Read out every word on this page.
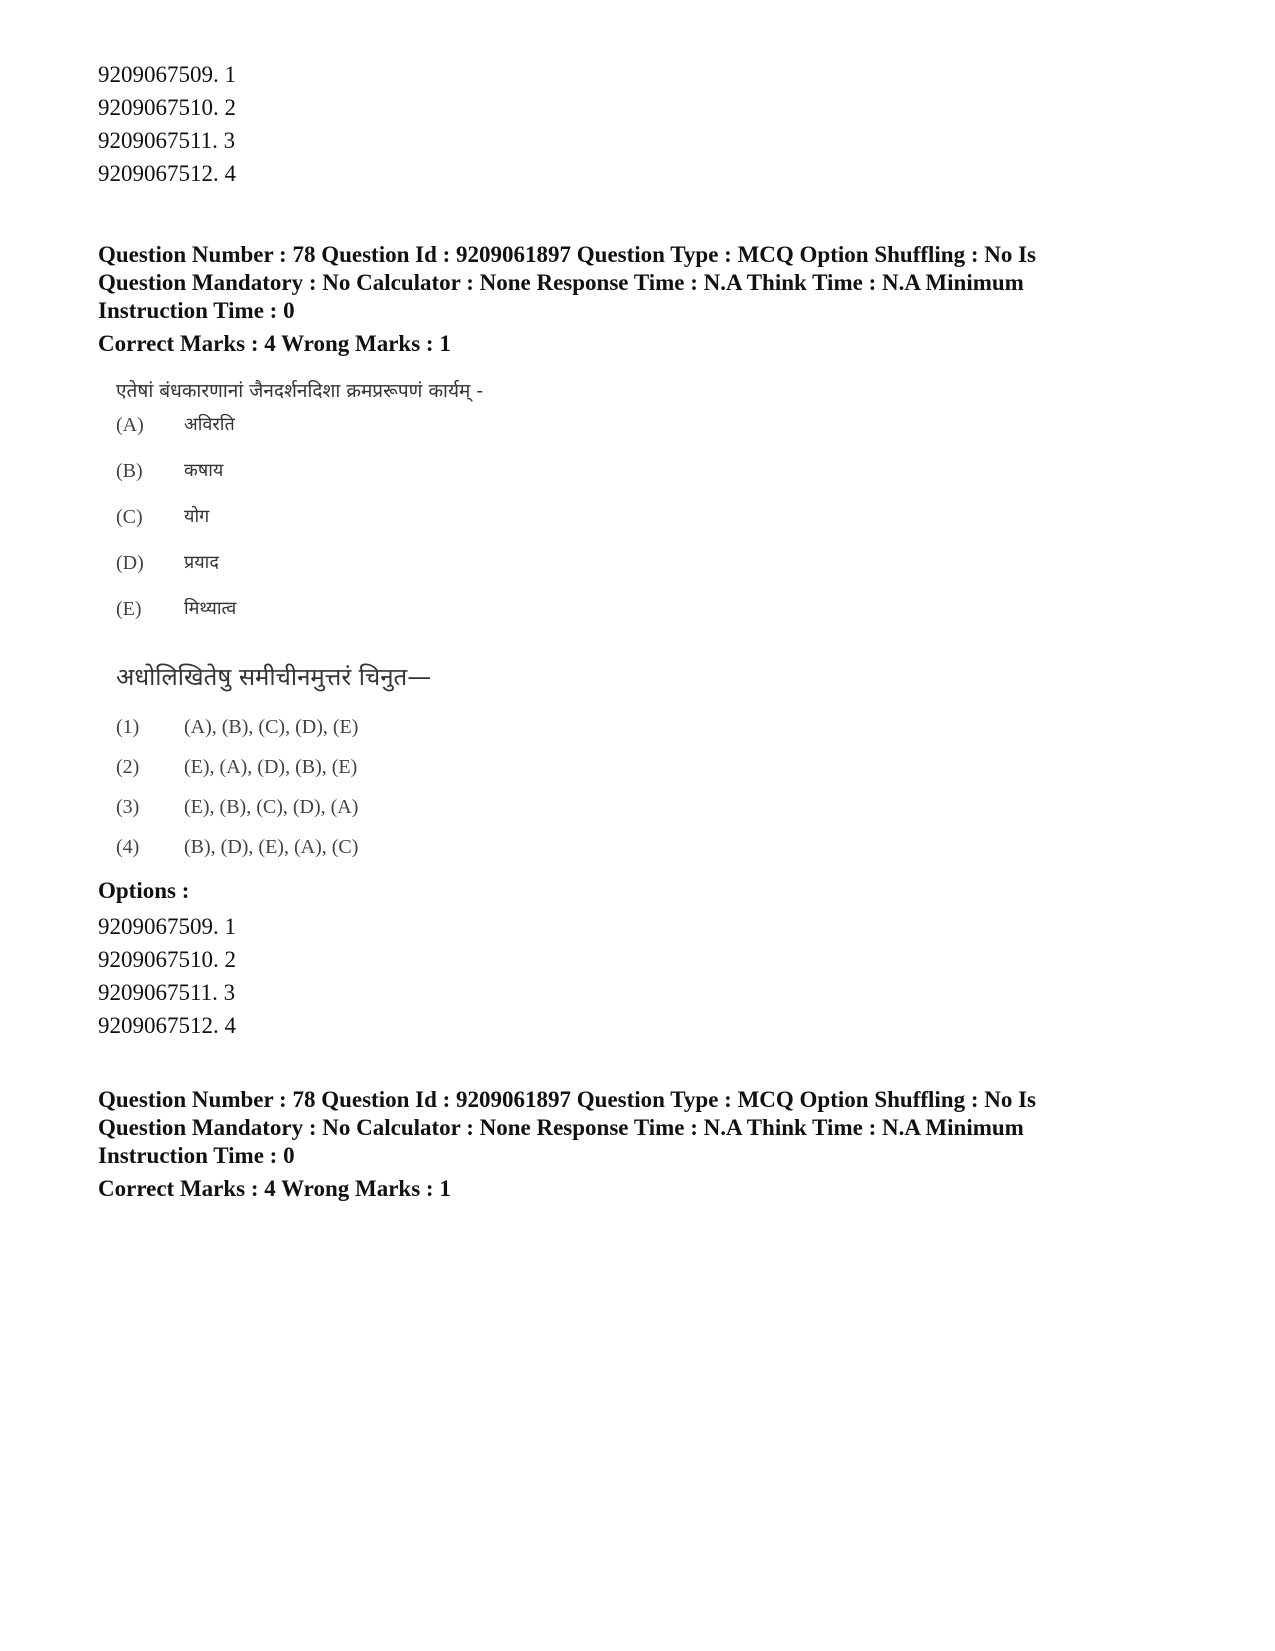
9209067509. 1
9209067510. 2
9209067511. 3
9209067512. 4
Question Number : 78 Question Id : 9209061897 Question Type : MCQ Option Shuffling : No Is
Question Mandatory : No Calculator : None Response Time : N.A Think Time : N.A Minimum
Instruction Time : 0
Correct Marks : 4 Wrong Marks : 1
एतेषां बंधकारणानां जैनदर्शनदिशा क्रमप्ररूपणं कार्यम् -
(A) अविरति
(B) कषाय
(C) योग
(D) प्रयाद
(E) मिथ्यात्व
अधोलिखितेषु समीचीनमुत्तरं चिनुत—
(1) (A), (B), (C), (D), (E)
(2) (E), (A), (D), (B), (E)
(3) (E), (B), (C), (D), (A)
(4) (B), (D), (E), (A), (C)
Options :
9209067509. 1
9209067510. 2
9209067511. 3
9209067512. 4
Question Number : 78 Question Id : 9209061897 Question Type : MCQ Option Shuffling : No Is
Question Mandatory : No Calculator : None Response Time : N.A Think Time : N.A Minimum
Instruction Time : 0
Correct Marks : 4 Wrong Marks : 1
